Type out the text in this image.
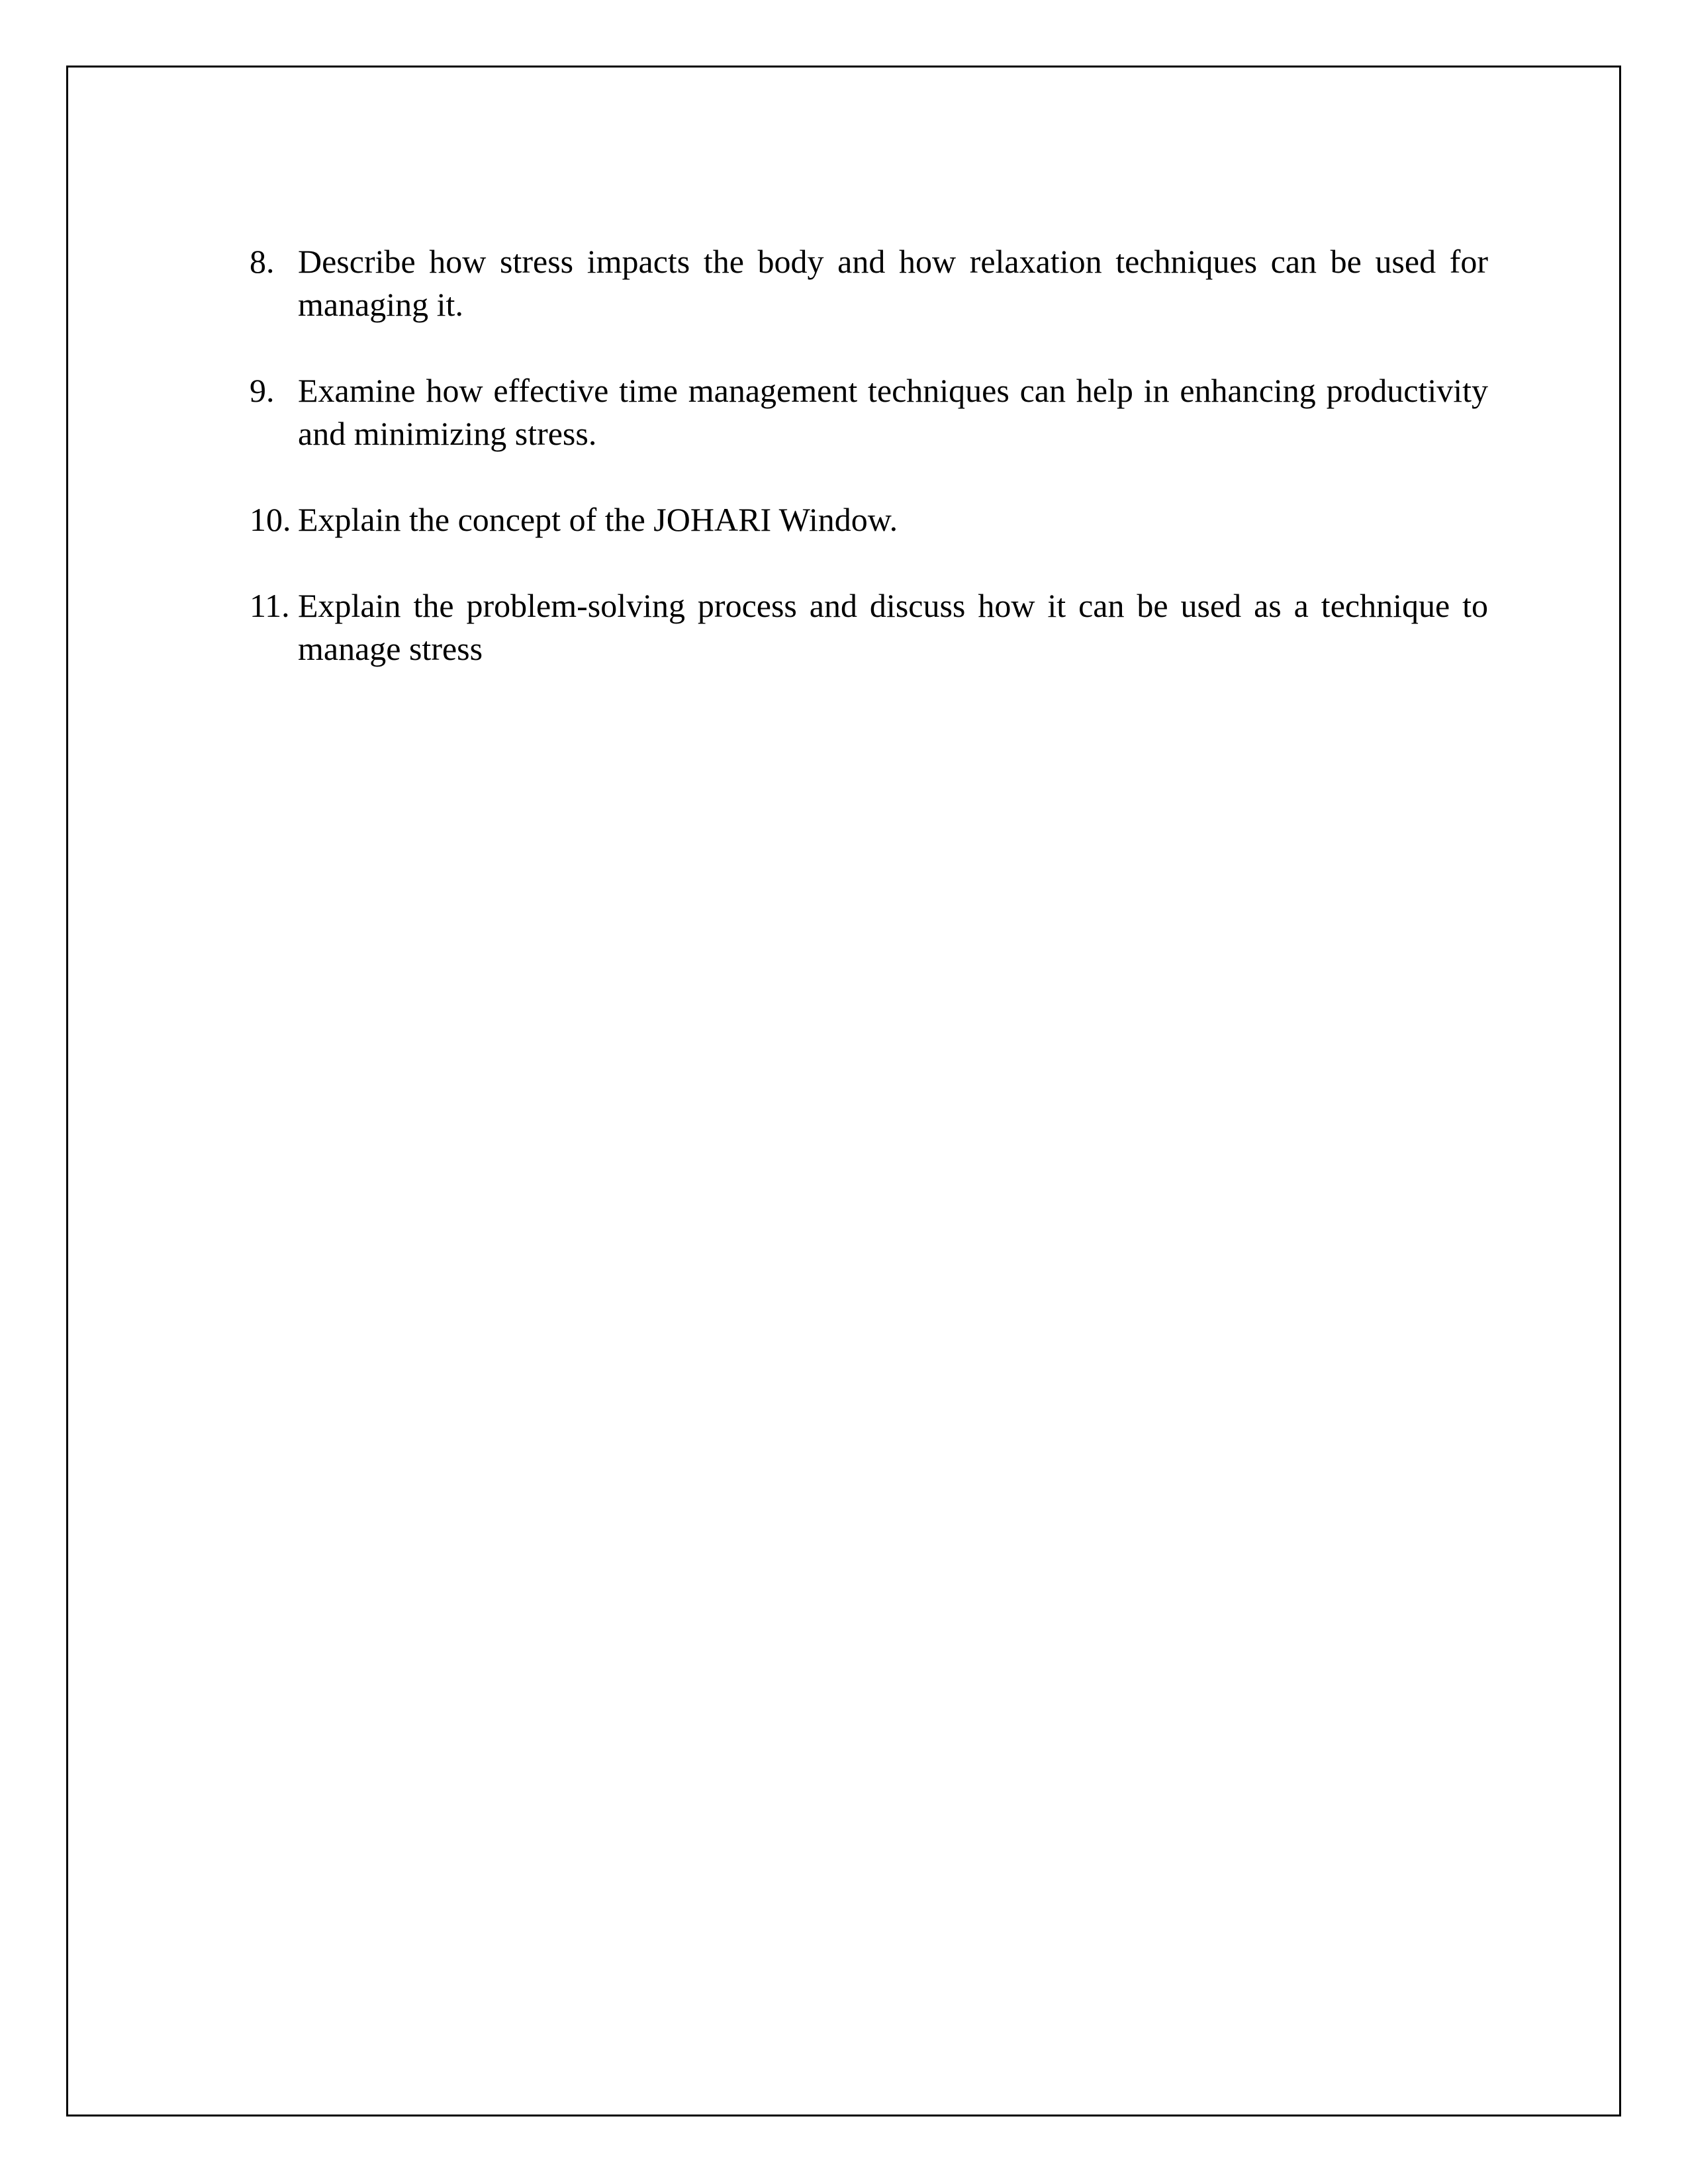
8. Describe how stress impacts the body and how relaxation techniques can be used for
managing it.
9. Examine how effective time management techniques can help in enhancing productivity
and minimizing stress.
10. Explain the concept of the JOHARI Window.
11. Explain the problem-solving process and discuss how it can be used as a technique to
manage stress
